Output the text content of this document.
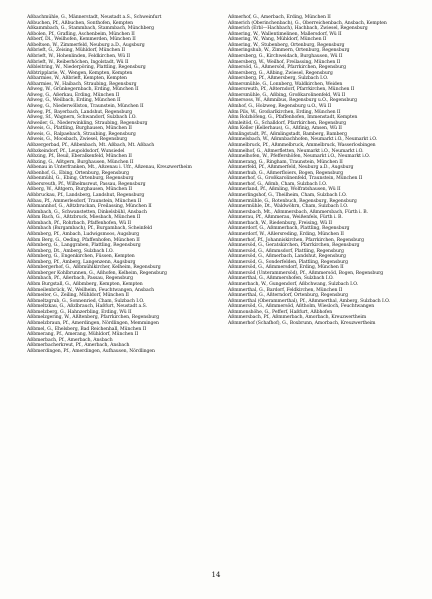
Aßbachmühle, G., Männerstadt, Neustadt a.S., Schweinfurt
Aßbuchen, Pf., Aßbuchen, Sonthofen, Kempten
Aßkammbach, G., Stammbach, Stammbach, Münchberg
Aßbolen, Pf., Grafling, Aschenbeim, München II
Aßberf, Dl., Weilhofen, Kemmerden, München II
Aßbeltsen, W., Zimmerfeld, Neuburg a.D., Augsburg
Aßbrieft, G., Zeising, Mühldorf, München II
Aßbrieft, W., Hohenlinden, Feldkirchen, Wü II
Aßbrieft, W., Reiberhöchen, Ingolstadt, Wü II
Aßbleitring, W., Niederpöring, Plattling, Regensburg
Aßbtripplarie, W., Wengen, Kempten, Kempten
Aßbarmies, W., Aßbrieft, Kempten, Kempten
Aßbarmies, W., Haibach, Straubing, Regensburg
Aßweg, W., Grünkegernbach, Erding, München II
Aßweg, G., Aßerkau, Erding, München II
Aßweg, G., Weilbach, Erding, München II
Aßweg, G., Niederwöllston, Traunstein, München II
Aßweg, Pf., Bayerbach, Landshut, Regensburg
Aßweg, Sf., Wagnern, Schwandorf, Sulzbach I.O.
Aßweiler, G., Niederwinkling, Straubing, Regensburg
Aßweis, G., Plattling, Burghausen, München II
Aßweis, G., Ralpaebach, Straubing, Regensburg
Aßweis, G., Moosbach, Zwiesel, Regensburg
Aßbzergerbad, Pf., Aßbenbach, Mt. Aßbach, Mt. Aßbach
Aßbzkeindorf, Pf., Leupoldsdorf, Wunsiedel
Aßbzing, Pf., Beuil, Eberalkenfeld, München II
Aßbzing, G., Aßtgern, Burghausen, München II
Aßbenau in Unterfranken, Mt., Aßzenau i. Ufr., Aßzenau, Kreuzwertheim
Aßbenhof, G., Ebing, Ortenburg, Regensburg
Aßbenmühl, G., Ebing, Ortenburg, Regensburg
Aßbersreuth, Pf., Wilhelmsreut, Passau, Regensburg
Aßberg, W., Aßtgern, Burghausen, München II
Aßbbruckau, Pf., Landsberg, Landshut, Regensburg
Aßbau, Pf., Ammerlesdorf, Traunstein, München II
Aßbmannhof, G., Aßtzbruckan, Freilassing, München II
Aßbmbach, G., Schwanstetten, Dinkelsbühl, Ansbach
Aßbm Bach, G., Aßtzbruck, Miesbach, München II
Aßbmbach, Pf., Rohrbach, Pfaffenhofen, Wü II
Aßbmbach (Burgambach), Pf., Burgambach, Scheinfeld
Aßbmberg, Pf., Ambach, Ludwigsmoos, Augsburg
Aßbm Berg, G., Oeding, Pfaffenhofen, München II
Aßbmberg, G., Langgraben, Plattling, Regensburg
Aßbmberg, Dt., Amberg, Sulzbach I.O.
Aßbmberg, G., Engenkirchen, Füssen, Kempten
Aßbmberg, Pf., Amberg, Langenzenn, Augsburg
Aßbmbergerhof, G., Aßbmühlkircher, Kelheim, Regensburg
Aßbmberger Kohlbrunnen, G., Aßhofen, Kelheim, Regensburg
Aßbmbach, Pf., Aßerbach, Passau, Regensburg
Aßbm Burgstall, G., Aßbmberg, Kempten, Kempten
Aßbmeilenbrück, W., Weilheim, Feuchtwangen, Ansbach
Aßbmeiter, G., Zeiling, Mühldorf, München II
Aßbmeltzgrub, G., Sonnenried, Cham, Sulzbach I.O.
Aßbmeltzkau, G., Aßzlbrauch, Haßfurt, Neustadt a.S.
Aßbmelzberg, G., Hahnzerbling, Erding, Wü II
Aßbmelzgering, W., Aßltenberg, Pfarrkirchen, Regensburg
Aßbmelzbraun, Pf., Amerdingen, Nördlingen, Memmingen
Aßbmel, G., Ehelsberg, Bad Reichenhall, München II
Aßbmerang, Pf., Amerang, Mühldorf, München II
Aßbmerbach, Pf., Amerbach, Ansbach
Aßbmerbacherkreut, Pf., Amerbach, Ansbach
Aßbmerdingen, Pf., Amerdingen, Aufhausen, Nördlingen
Aßmerhof, G., Amerbach, Erding, München II
Aßmerich (Oberinchenbach), G., Oberreichenbach, Ansbach, Kempten
Aßmerich (Erbl—Hachbach), Hachbach, Zwiesel, Regensburg
Aßmering, W., Wallentimelinen, Mallersdorf, Wü II
Aßmering, W., Wang, Mühldorf, München II
Aßmering, W., Stubenberg, Ortenburg, Regensburg
Aßmeringshub, W., Zimmern, Ortenburg, Regensburg
Aßmersberg, G., Kirchweidach, Burghausen, Wü II
Aßmersberg, W., Weilhof, Freilassing, München II
Aßmersöd, G., Aßmersöd, Pfarrkirchen, Regensburg
Aßmersberg, G., Aßbing, Zwiesel, Regensburg
Aßmersberg, Pf., Aßmersberg, Sulzbach I.O.
Aßmersmühle, G., Lonnberg, Waldkirchen, Weiden
Aßmersreuth, Pf., Aßterndorf, Pfarrkirchen, München II
Aßmersmühle, G., Aßbing, Großkarolinenfeld, Wü II
Aßmersoss, W., Aßmnibus, Regensburg u.O., Regensburg
Aßmhof, G., Holzweg, Regensburg u.O., Wü II
Aßm Pils, W., Großarlkirchen, Erding, München II
Aßm Rolzhöfeng, G., Pfaffenhofen, Immenstadt, Kempten
Aßmleitöd, G., Schalldorf, Pfarrkirchen, Regensburg
Aßm Keller (Kellerhaus), G., Aßfinig, Amsen, Wü II
Aßmlingstadt, Pf., Aßmlingstadt, Bamberg, Bamberg
Aßmmelsbach, W., Aßmnbachhofen, Neumarkt i.O., Neumarkt i.O.
Aßmmelbruck, Pf., Aßmmelbruck, Ammelbruck, Wasserlosbingen
Aßmmelhof, G., Aßmerfletten, Neumarkt i.O., Neumarkt i.O.
Aßmmelhofen, W., Pfeffershöfen, Neumarkt i.O., Neumarkt i.O.
Aßmmerang, G., Ringham, Traunstein, München II
Aßmmerfeld, Pf., Aßmmerfeld, Neuburg a.D., Augsburg
Aßmmerhub, G., Aßmerfloiers, Bogen, Regensburg
Aßmmerhof, G., Großkarolinenfeld, Traunstein, München II
Aßmmerhof, G., Aßmb, Cham, Sulzbach I.O.
Aßmmerland, Pf., Aßmling, Wolfratshausen, Wü II
Aßmmerlingshof, G., Theilheim, Cham, Sulzbach I.O.
Aßmmermühle, G., Rotenbuch, Regensburg, Regensburg
Aßmmermühle, Dt., Waldwöhrn, Cham, Sulzbach I.O.
Aßmmersbach, Mt., Aßmmersbach, Aßmmersbach, Fürth i. B.
Aßmmerau, Pf., Aßmmerau, Weißenfels, Fürth i. B.
Aßmmerbach, W., Riedenburg, Freising, Wü II
Aßmmerdorf, G., Aßmmerbach, Plattling, Regensburg
Aßmmerdorf, W., Aßlersreding, Erding, München II
Aßmmerhof, Pf., Johanniskirchen, Pfarrkirchen, Regensburg
Aßmmersöd, G., Geratskirchen, Pfarrkirchen, Regensburg
Aßmmersöd, G., Aßmmsdorf, Plattling, Regensburg
Aßmmersöd, G., Aßmerbach, Landshut, Regensburg
Aßmmersöd, G., Sonderfelden, Plattling, Regensburg
Aßmmersöd, G., Aßmmersdorf, Erding, München II
Aßmmersöd (Unterammersöd), Pf., Aßmmersöd, Bogen, Regensburg
Aßmmerthal, G., Aßmmershofen, Sulzbach I.O.
Aßmmerbach, W., Gungendorf, Aßbchwang, Sulzbach I.O.
Aßmmerthal, G., Bardorf, Feldkirchen, München II
Aßmmerthal, G., Aßterndorf, Ortenburg, Regensburg
Aßmmerthal (Oberammerthal), Pf., Aßmmerthal, Amberg, Sulzbach I.O.
Aßmmersöd, G., Aßmmersöd, Aßtholm, Wiesloch, Feuchtwangen
Aßmmonshöhe, G., Pefferf, Haßfurt, Aßbhofen
Aßmmersbach, Pf., Aßmmerbach, Amorbach, Kreuzwertheim
Aßmmerhof (Schafhof), G., Boxbrunn, Amorbach, Kreuzwertheim
14
